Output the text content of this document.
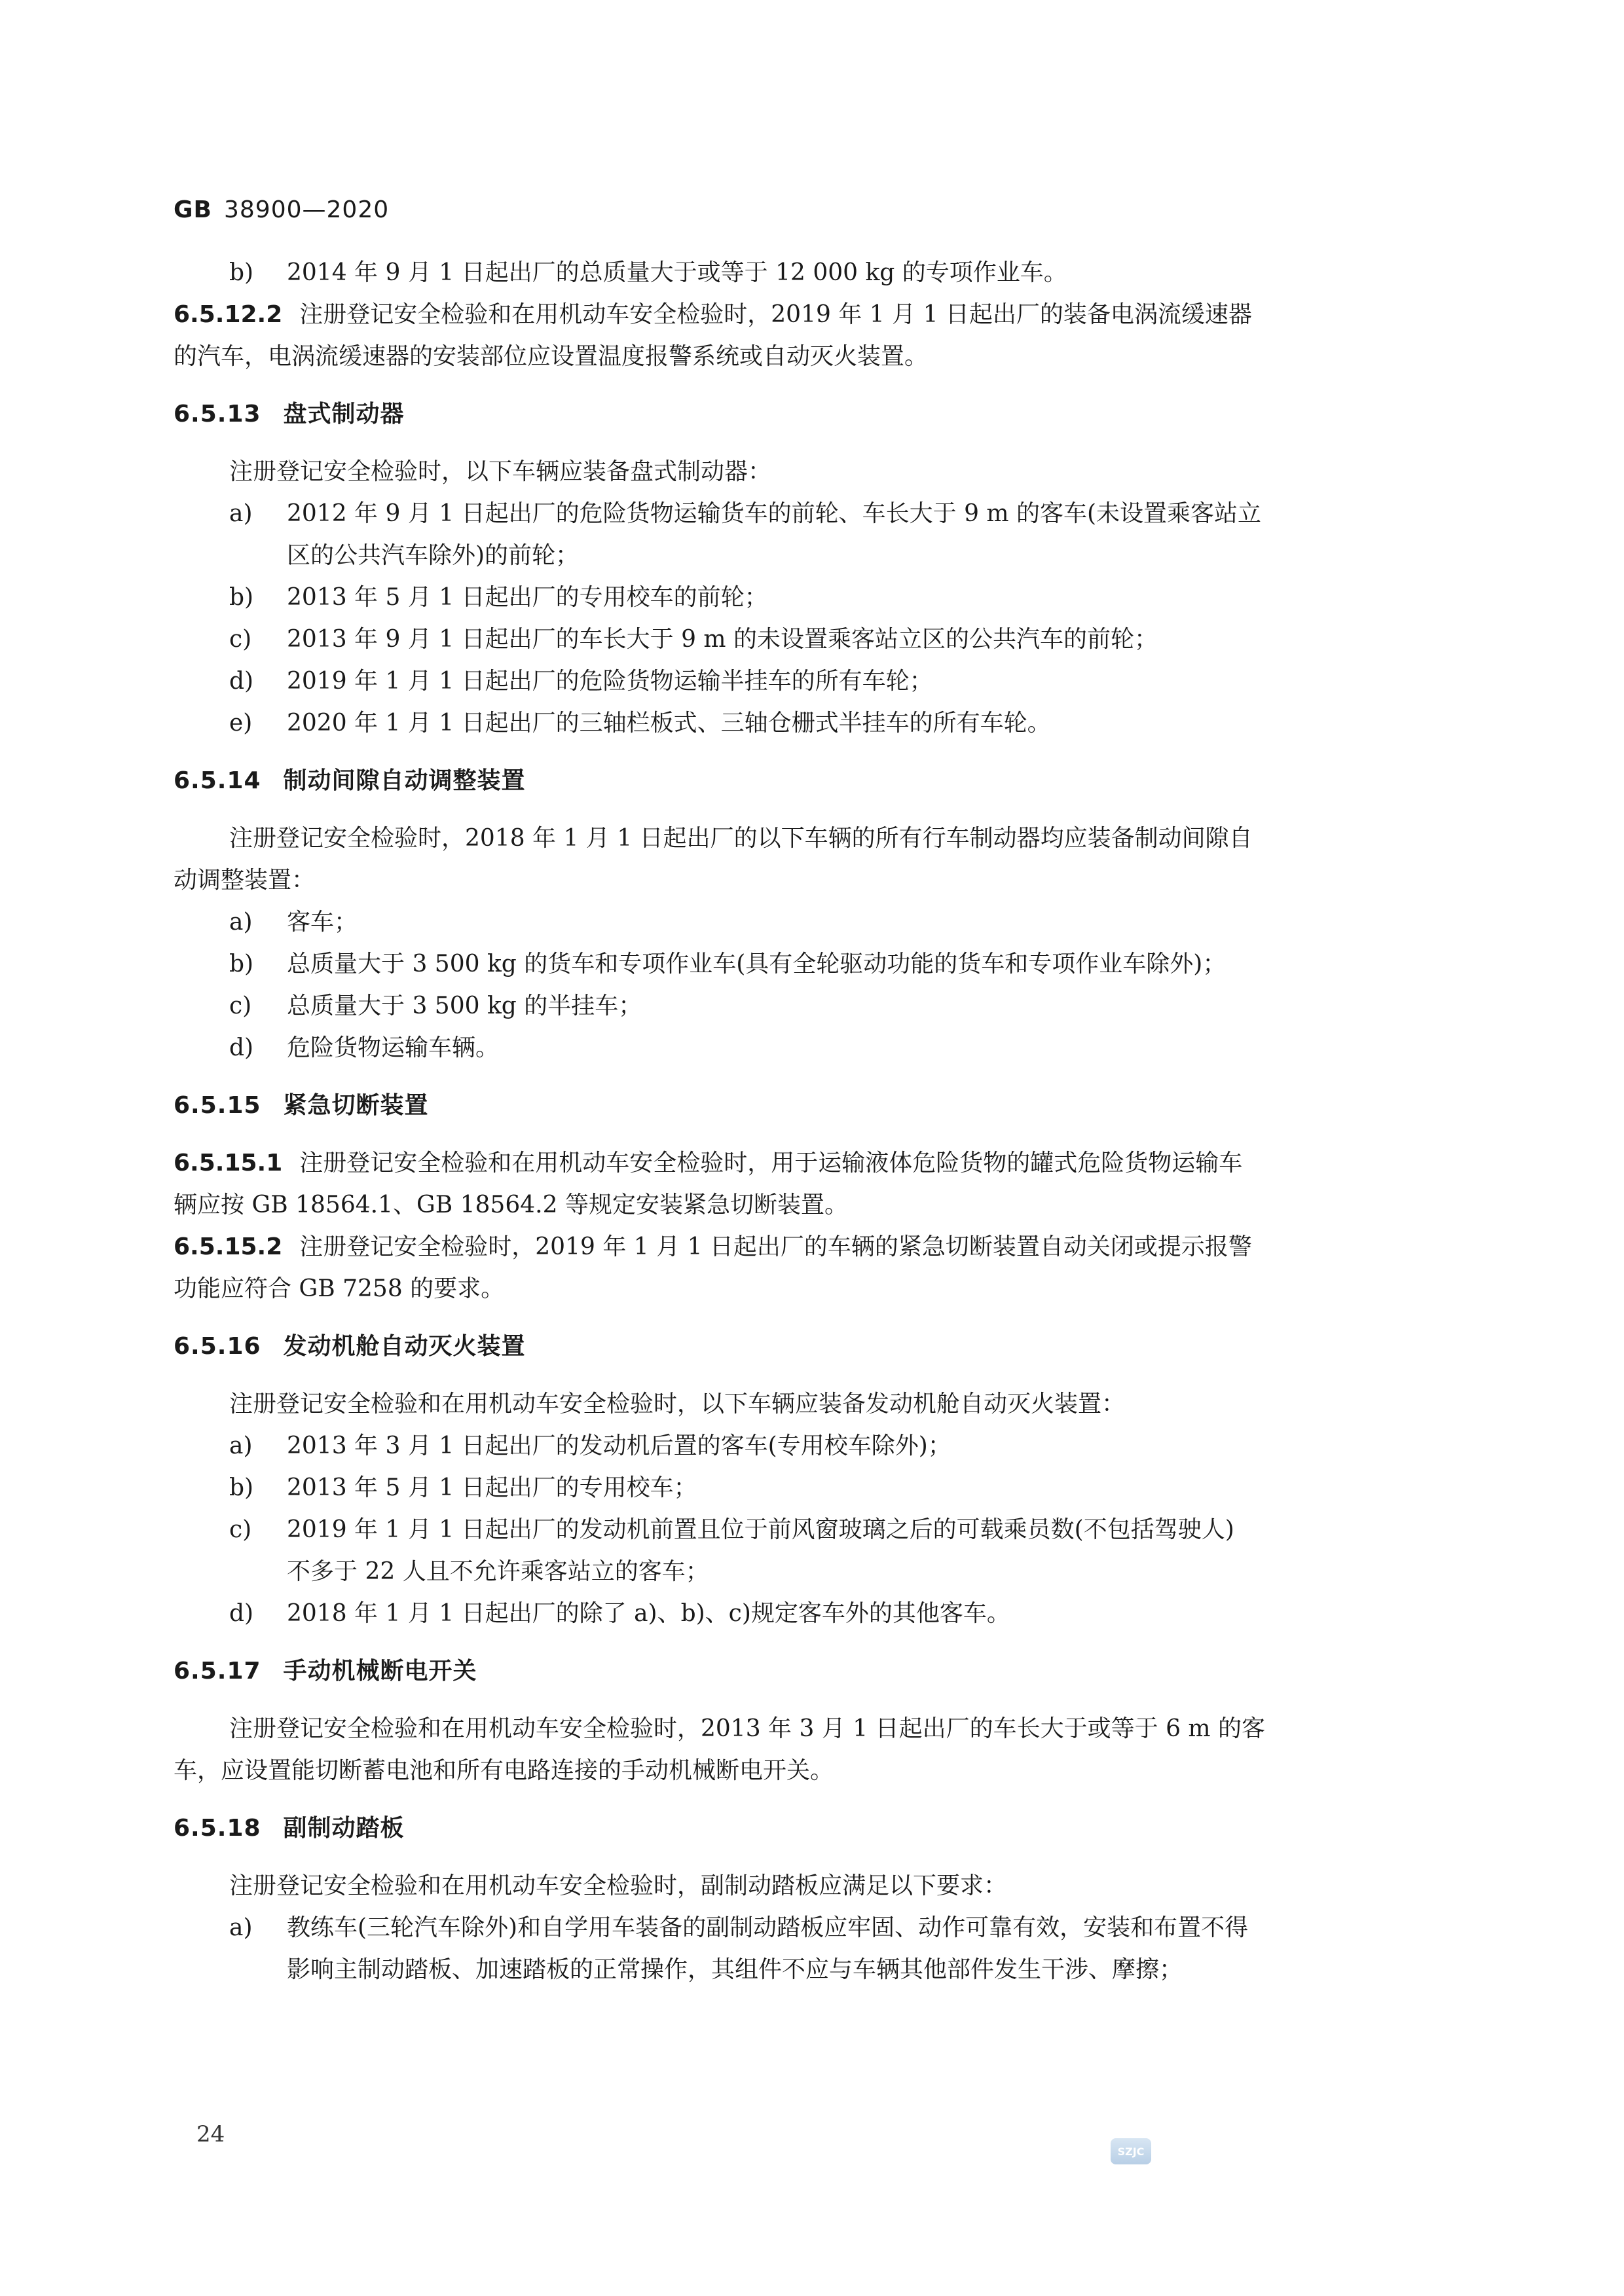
GB 38900—2020
b) 2014 年 9 月 1 日起出厂的总质量大于或等于 12 000 kg 的专项作业车。
6.5.12.2 注册登记安全检验和在用机动车安全检验时，2019 年 1 月 1 日起出厂的装备电涡流缓速器
的汽车，电涡流缓速器的安装部位应设置温度报警系统或自动灭火装置。
6.5.13 盘式制动器
注册登记安全检验时，以下车辆应装备盘式制动器：
a) 2012 年 9 月 1 日起出厂的危险货物运输货车的前轮、车长大于 9 m 的客车(未设置乘客站立
区的公共汽车除外)的前轮；
b) 2013 年 5 月 1 日起出厂的专用校车的前轮；
c) 2013 年 9 月 1 日起出厂的车长大于 9 m 的未设置乘客站立区的公共汽车的前轮；
d) 2019 年 1 月 1 日起出厂的危险货物运输半挂车的所有车轮；
e) 2020 年 1 月 1 日起出厂的三轴栏板式、三轴仓栅式半挂车的所有车轮。
6.5.14 制动间隙自动调整装置
注册登记安全检验时，2018 年 1 月 1 日起出厂的以下车辆的所有行车制动器均应装备制动间隙自
动调整装置：
a) 客车；
b) 总质量大于 3 500 kg 的货车和专项作业车(具有全轮驱动功能的货车和专项作业车除外)；
c) 总质量大于 3 500 kg 的半挂车；
d) 危险货物运输车辆。
6.5.15 紧急切断装置
6.5.15.1 注册登记安全检验和在用机动车安全检验时，用于运输液体危险货物的罐式危险货物运输车
辆应按 GB 18564.1、GB 18564.2 等规定安装紧急切断装置。
6.5.15.2 注册登记安全检验时，2019 年 1 月 1 日起出厂的车辆的紧急切断装置自动关闭或提示报警
功能应符合 GB 7258 的要求。
6.5.16 发动机舱自动灭火装置
注册登记安全检验和在用机动车安全检验时，以下车辆应装备发动机舱自动灭火装置：
a) 2013 年 3 月 1 日起出厂的发动机后置的客车(专用校车除外)；
b) 2013 年 5 月 1 日起出厂的专用校车；
c) 2019 年 1 月 1 日起出厂的发动机前置且位于前风窗玻璃之后的可载乘员数(不包括驾驶人)
不多于 22 人且不允许乘客站立的客车；
d) 2018 年 1 月 1 日起出厂的除了 a)、b)、c)规定客车外的其他客车。
6.5.17 手动机械断电开关
注册登记安全检验和在用机动车安全检验时，2013 年 3 月 1 日起出厂的车长大于或等于 6 m 的客
车，应设置能切断蓄电池和所有电路连接的手动机械断电开关。
6.5.18 副制动踏板
注册登记安全检验和在用机动车安全检验时，副制动踏板应满足以下要求：
a) 教练车(三轮汽车除外)和自学用车装备的副制动踏板应牢固、动作可靠有效，安装和布置不得
影响主制动踏板、加速踏板的正常操作，其组件不应与车辆其他部件发生干涉、摩擦；
24
SZJC
